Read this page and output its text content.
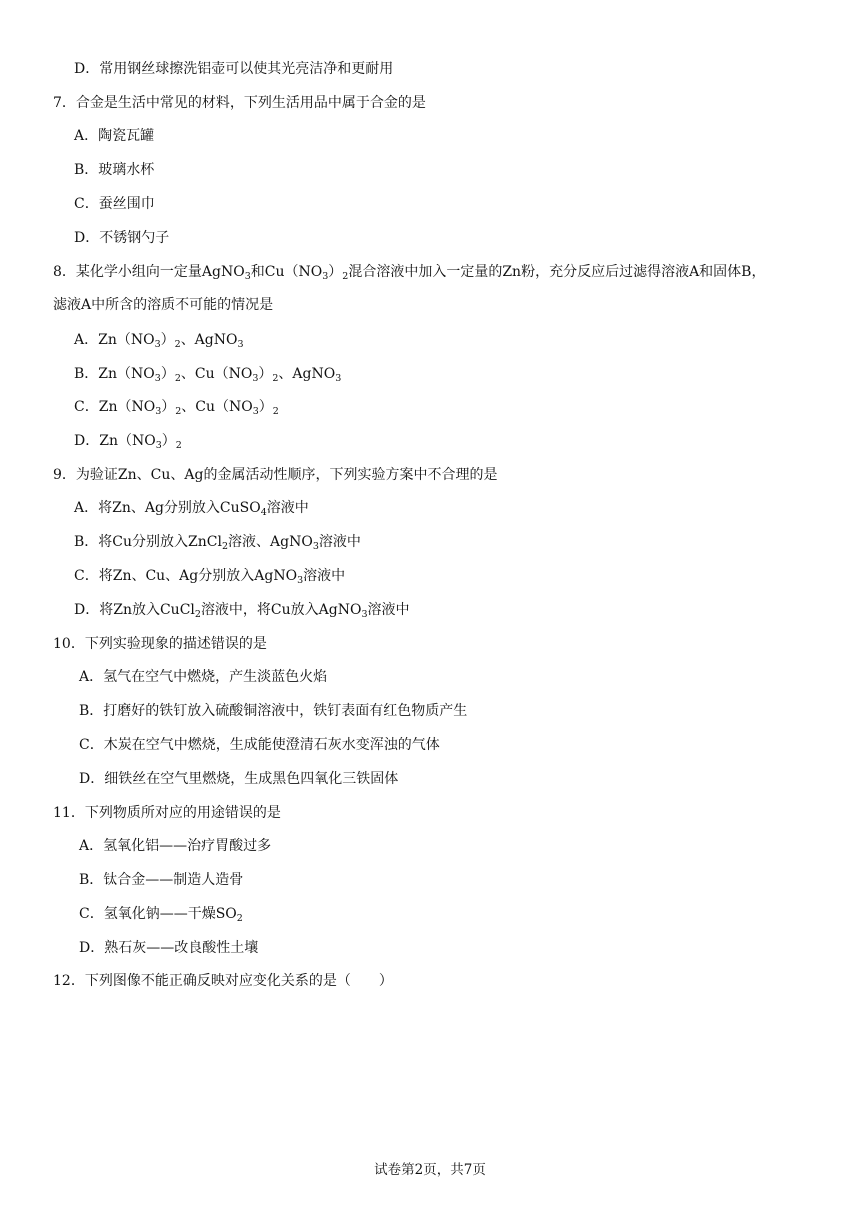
D．常用钢丝球擦洗铝壶可以使其光亮洁净和更耐用
7．合金是生活中常见的材料，下列生活用品中属于合金的是
A．陶瓷瓦罐
B．玻璃水杯
C．蚕丝围巾
D．不锈钢勺子
8．某化学小组向一定量AgNO$_3$和$Cu(NO_3)_2$混合溶液中加入一定量的Zn粉，充分反应后过滤得溶液A和固体B，
滤液A中所含的溶质不可能的情况是
A．$Zn(NO_3)_2$、AgNO$_3$
B．$Zn(NO_3)_2$、$Cu(NO_3)_2$、AgNO$_3$
C．$Zn(NO_3)_2$、$Cu(NO_3)_2$
D．$Zn(NO_3)_2$
9．为验证Zn、Cu、Ag的金属活动性顺序，下列实验方案中不合理的是
A．将Zn、Ag分别放入CuSO$_4$溶液中
B．将Cu分别放入ZnCl$_2$溶液、AgNO$_3$溶液中
C．将Zn、Cu、Ag分别放入AgNO$_3$溶液中
D．将Zn放入CuCl$_2$溶液中，将Cu放入AgNO$_3$溶液中
10．下列实验现象的描述错误的是
A．氢气在空气中燃烧，产生淡蓝色火焰
B．打磨好的铁钉放入硫酸铜溶液中，铁钉表面有红色物质产生
C．木炭在空气中燃烧，生成能使澄清石灰水变浑浊的气体
D．细铁丝在空气里燃烧，生成黑色四氧化三铁固体
11．下列物质所对应的用途错误的是
A．氢氧化铝——治疗胃酸过多
B．钛合金——制造人造骨
C．氢氧化钠——干燥$SO_2$
D．熟石灰——改良酸性土壤
12．下列图像不能正确反映对应变化关系的是（　　）
试卷第2页，共7页
